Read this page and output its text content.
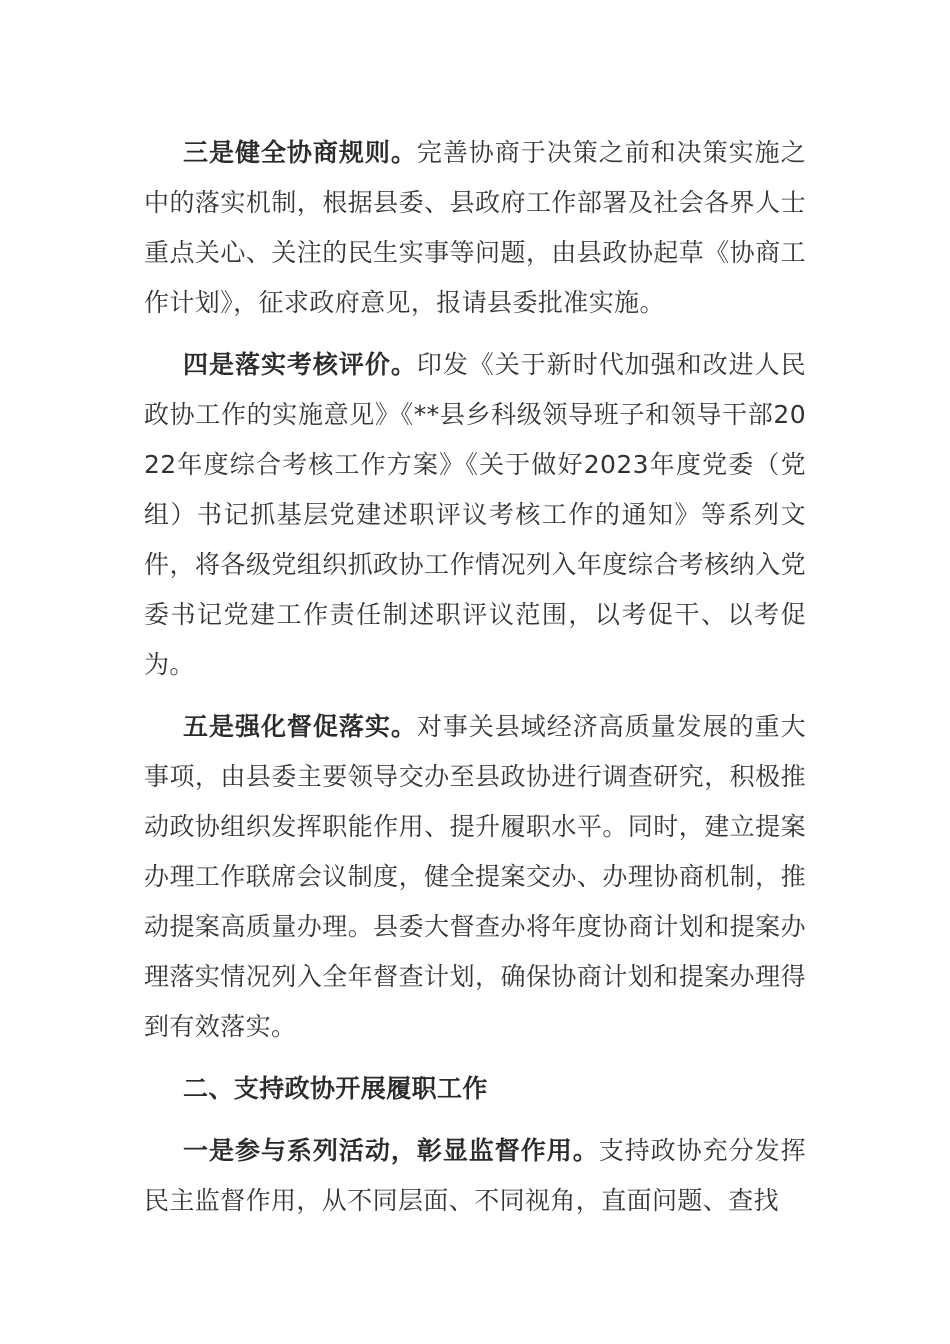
三是健全协商规则。完善协商于决策之前和决策实施之中的落实机制，根据县委、县政府工作部署及社会各界人士重点关心、关注的民生实事等问题，由县政协起草《协商工作计划》，征求政府意见，报请县委批准实施。

四是落实考核评价。印发《关于新时代加强和改进人民政协工作的实施意见》《**县乡科级领导班子和领导干部2022年度综合考核工作方案》《关于做好2023年度党委（党组）书记抓基层党建述职评议考核工作的通知》等系列文件，将各级党组织抓政协工作情况列入年度综合考核纳入党委书记党建工作责任制述职评议范围，以考促干、以考促为。

五是强化督促落实。对事关县域经济高质量发展的重大事项，由县委主要领导交办至县政协进行调查研究，积极推动政协组织发挥职能作用、提升履职水平。同时，建立提案办理工作联席会议制度，健全提案交办、办理协商机制，推动提案高质量办理。县委大督查办将年度协商计划和提案办理落实情况列入全年督查计划，确保协商计划和提案办理得到有效落实。

二、支持政协开展履职工作

一是参与系列活动，彰显监督作用。支持政协充分发挥民主监督作用，从不同层面、不同视角，直面问题、查找
